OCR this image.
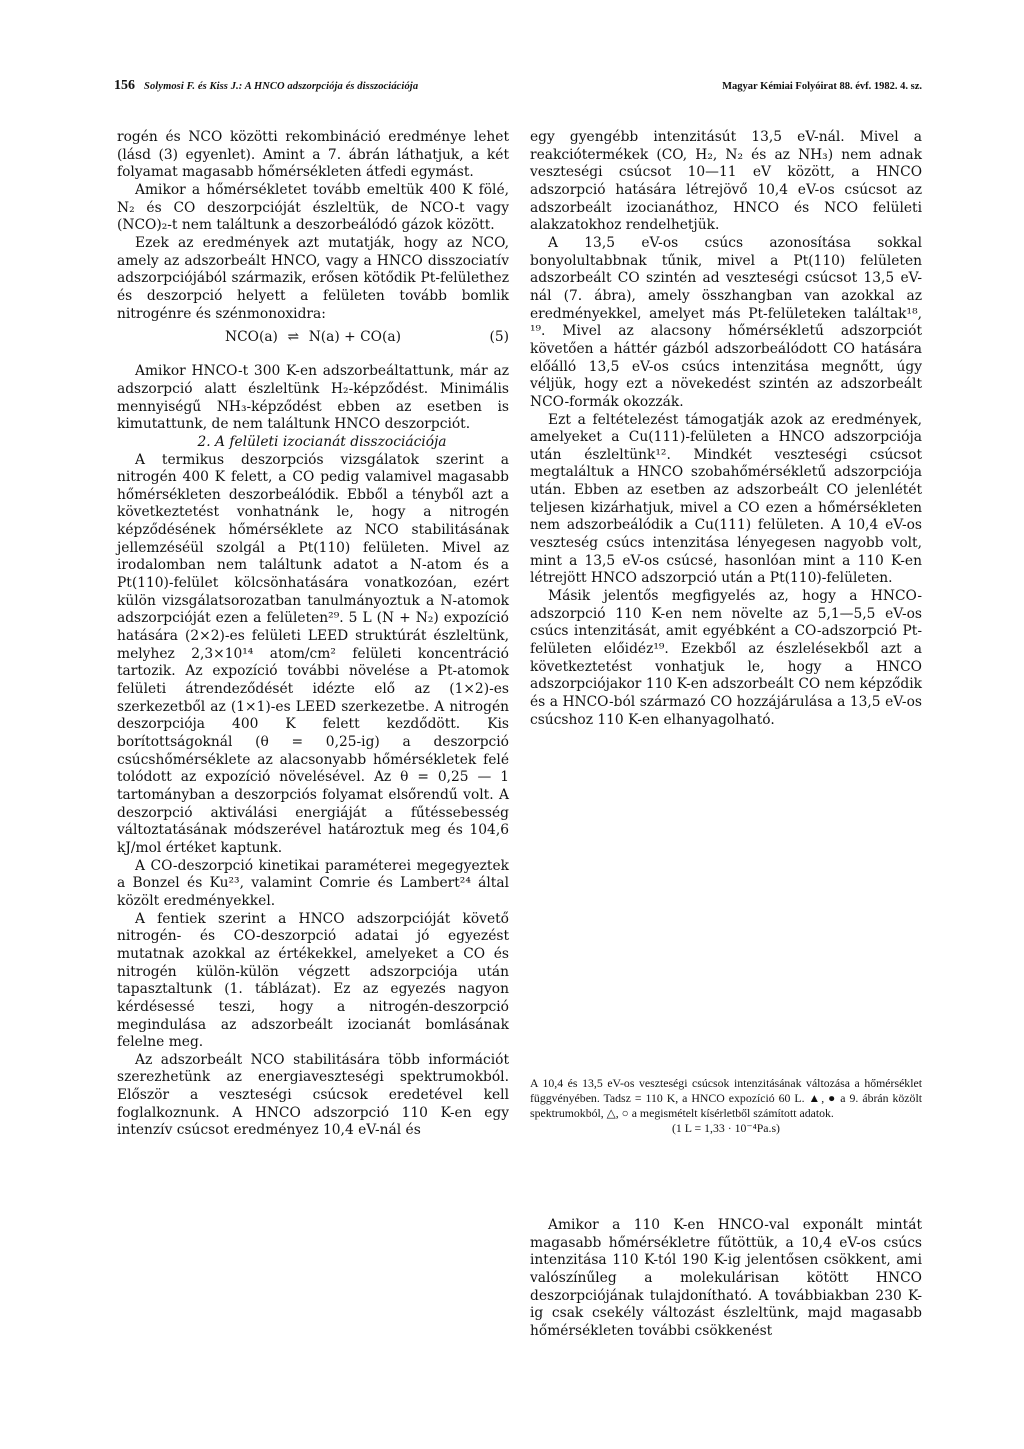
156 Solymosi F. és Kiss J.: A HNCO adszorpciója és disszociációja	Magyar Kémiai Folyóirat 88. évf. 1982. 4. sz.

rogén és NCO közötti rekombináció eredménye lehet (lásd (3) egyenlet). Amint a 7. ábrán láthatjuk, a két folyamat magasabb hőmérsékleten átfedi egymást.

Amikor a hőmérsékletet tovább emeltük 400 K fölé, N₂ és CO deszorpcióját észleltük, de NCO-t vagy (NCO)₂-t nem találtunk a deszorbeálódó gázok között.

Ezek az eredmények azt mutatják, hogy az NCO, amely az adszorbeált HNCO, vagy a HNCO disszociatív adszorpciójából származik, erősen kötődik Pt-felülethez és deszorpció helyett a felületen tovább bomlik nitrogénre és szénmonoxidra:

NCO(a) ⇌ N(a) + CO(a)	(5)

Amikor HNCO-t 300 K-en adszorbeáltattunk, már az adszorpció alatt észleltünk H₂-képződést. Minimális mennyiségű NH₃-képződést ebben az esetben is kimutattunk, de nem találtunk HNCO deszorpciót.

2. A felületi izocianát disszociációja

A termikus deszorpciós vizsgálatok szerint a nitrogén 400 K felett, a CO pedig valamivel magasabb hőmérsékleten deszorbeálódik. Ebből a tényből azt a következtetést vonhatnánk le, hogy a nitrogén képződésének hőmérséklete az NCO stabilitásának jellemzéséül szolgál a Pt(110) felületen. Mivel az irodalomban nem találtunk adatot a N-atom és a Pt(110)-felület kölcsönhatására vonatkozóan, ezért külön vizsgálatsorozatban tanulmányoztuk a N-atomok adszorpcióját ezen a felületen²⁹. 5 L (N + N₂) expozíció hatására (2×2)-es felületi LEED struktúrát észleltünk, melyhez 2,3×10¹⁴ atom/cm² felületi koncentráció tartozik. Az expozíció további növelése a Pt-atomok felületi átrendeződését idézte elő az (1×2)-es szerkezetből az (1×1)-es LEED szerkezetbe. A nitrogén deszorpciója 400 K felett kezdődött. Kis borítottságoknál (θ = 0,25-ig) a deszorpció csúcshőmérséklete az alacsonyabb hőmérsékletek felé tolódott az expozíció növelésével. Az θ = 0,25 — 1 tartományban a deszorpciós folyamat elsőrendű volt. A deszorpció aktiválási energiáját a fűtéssebesség változtatásának módszerével határoztuk meg és 104,6 kJ/mol értéket kaptunk.

A CO-deszorpció kinetikai paraméterei megegyeztek a Bonzel és Ku²³, valamint Comrie és Lambert²⁴ által közölt eredményekkel.

A fentiek szerint a HNCO adszorpcióját követő nitrogén- és CO-deszorpció adatai jó egyezést mutatnak azokkal az értékekkel, amelyeket a CO és nitrogén külön-külön végzett adszorpciója után tapasztaltunk (1. táblázat). Ez az egyezés nagyon kérdésessé teszi, hogy a nitrogén-deszorpció megindulása az adszorbeált izocianát bomlásának felelne meg.

Az adszorbeált NCO stabilitására több információt szerezhetünk az energiaveszteségi spektrumokból. Először a veszteségi csúcsok eredetével kell foglalkoznunk. A HNCO adszorpció 110 K-en egy intenzív csúcsot eredményez 10,4 eV-nál és

egy gyengébb intenzitásút 13,5 eV-nál. Mivel a reakciótermékek (CO, H₂, N₂ és az NH₃) nem adnak veszteségi csúcsot 10—11 eV között, a HNCO adszorpció hatására létrejövő 10,4 eV-os csúcsot az adszorbeált izocianáthoz, HNCO és NCO felületi alakzatokhoz rendelhetjük.

A 13,5 eV-os csúcs azonosítása sokkal bonyolultabbnak tűnik, mivel a Pt(110) felületen adszorbeált CO szintén ad veszteségi csúcsot 13,5 eV-nál (7. ábra), amely összhangban van azokkal az eredményekkel, amelyet más Pt-felületeken találtak¹⁸, ¹⁹. Mivel az alacsony hőmérsékletű adszorpciót követően a háttér gázból adszorbeálódott CO hatására előálló 13,5 eV-os csúcs intenzitása megnőtt, úgy véljük, hogy ezt a növekedést szintén az adszorbeált NCO-formák okozzák.

Ezt a feltételezést támogatják azok az eredmények, amelyeket a Cu(111)-felületen a HNCO adszorpciója után észleltünk¹². Mindkét veszteségi csúcsot megtaláltuk a HNCO szobahőmérsékletű adszorpciója után. Ebben az esetben az adszorbeált CO jelenlétét teljesen kizárhatjuk, mivel a CO ezen a hőmérsékleten nem adszorbeálódik a Cu(111) felületen. A 10,4 eV-os veszteség csúcs intenzitása lényegesen nagyobb volt, mint a 13,5 eV-os csúcsé, hasonlóan mint a 110 K-en létrejött HNCO adszorpció után a Pt(110)-felületen.

Másik jelentős megfigyelés az, hogy a HNCO-adszorpció 110 K-en nem növelte az 5,1—5,5 eV-os csúcs intenzitását, amit egyébként a CO-adszorpció Pt-felületen előidéz¹⁹. Ezekből az észlelésekből azt a következtetést vonhatjuk le, hogy a HNCO adszorpciójakor 110 K-en adszorbeált CO nem képződik és a HNCO-ból származó CO hozzájárulása a 13,5 eV-os csúcshoz 110 K-en elhanyagolható.

A 10,4 és 13,5 eV-os veszteségi csúcsok intenzitásának változása a hőmérséklet függvényében. Tadsz = 110 K, a HNCO expozíció 60 L. ▲, ● a 9. ábrán közölt spektrumokból, △, ○ a megismételt kísérletből számított adatok.
(1 L = 1,33 · 10⁻⁴Pa.s)

Amikor a 110 K-en HNCO-val exponált mintát magasabb hőmérsékletre fűtöttük, a 10,4 eV-os csúcs intenzitása 110 K-tól 190 K-ig jelentősen csökkent, ami valószínűleg a molekulárisan kötött HNCO deszorpciójának tulajdonítható. A továbbiakban 230 K-ig csak csekély változást észleltünk, majd magasabb hőmérsékleten további csökkenést
